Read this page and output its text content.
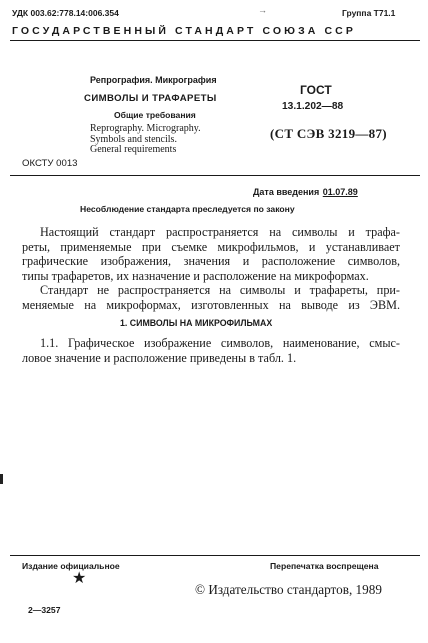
УДК 003.62:778.14:006.354	→	Группа Т71.1
ГОСУДАРСТВЕННЫЙ СТАНДАРТ СОЮЗА ССР
Репрография. Микрография
СИМВОЛЫ И ТРАФАРЕТЫ
Общие требования
Reprography. Micrography.
Symbols and stencils.
General requirements
ГОСТ
13.1.202—88
(СТ СЭВ 3219—87)
ОКСТУ 0013
Дата введения 01.07.89
Несоблюдение стандарта преследуется по закону
Настоящий стандарт распространяется на символы и трафа-
реты, применяемые при съемке микрофильмов, и устанавливает
графические изображения, значения и расположение символов,
типы трафаретов, их назначение и расположение на микроформах.
Стандарт не распространяется на символы и трафареты, при-
меняемые на микроформах, изготовленных на выводе из ЭВМ.
1. СИМВОЛЫ НА МИКРОФИЛЬМАХ
1.1. Графическое изображение символов, наименование, смыс-
ловое значение и расположение приведены в табл. 1.
Издание официальное	Перепечатка воспрещена
★
© Издательство стандартов, 1989
2—3257
